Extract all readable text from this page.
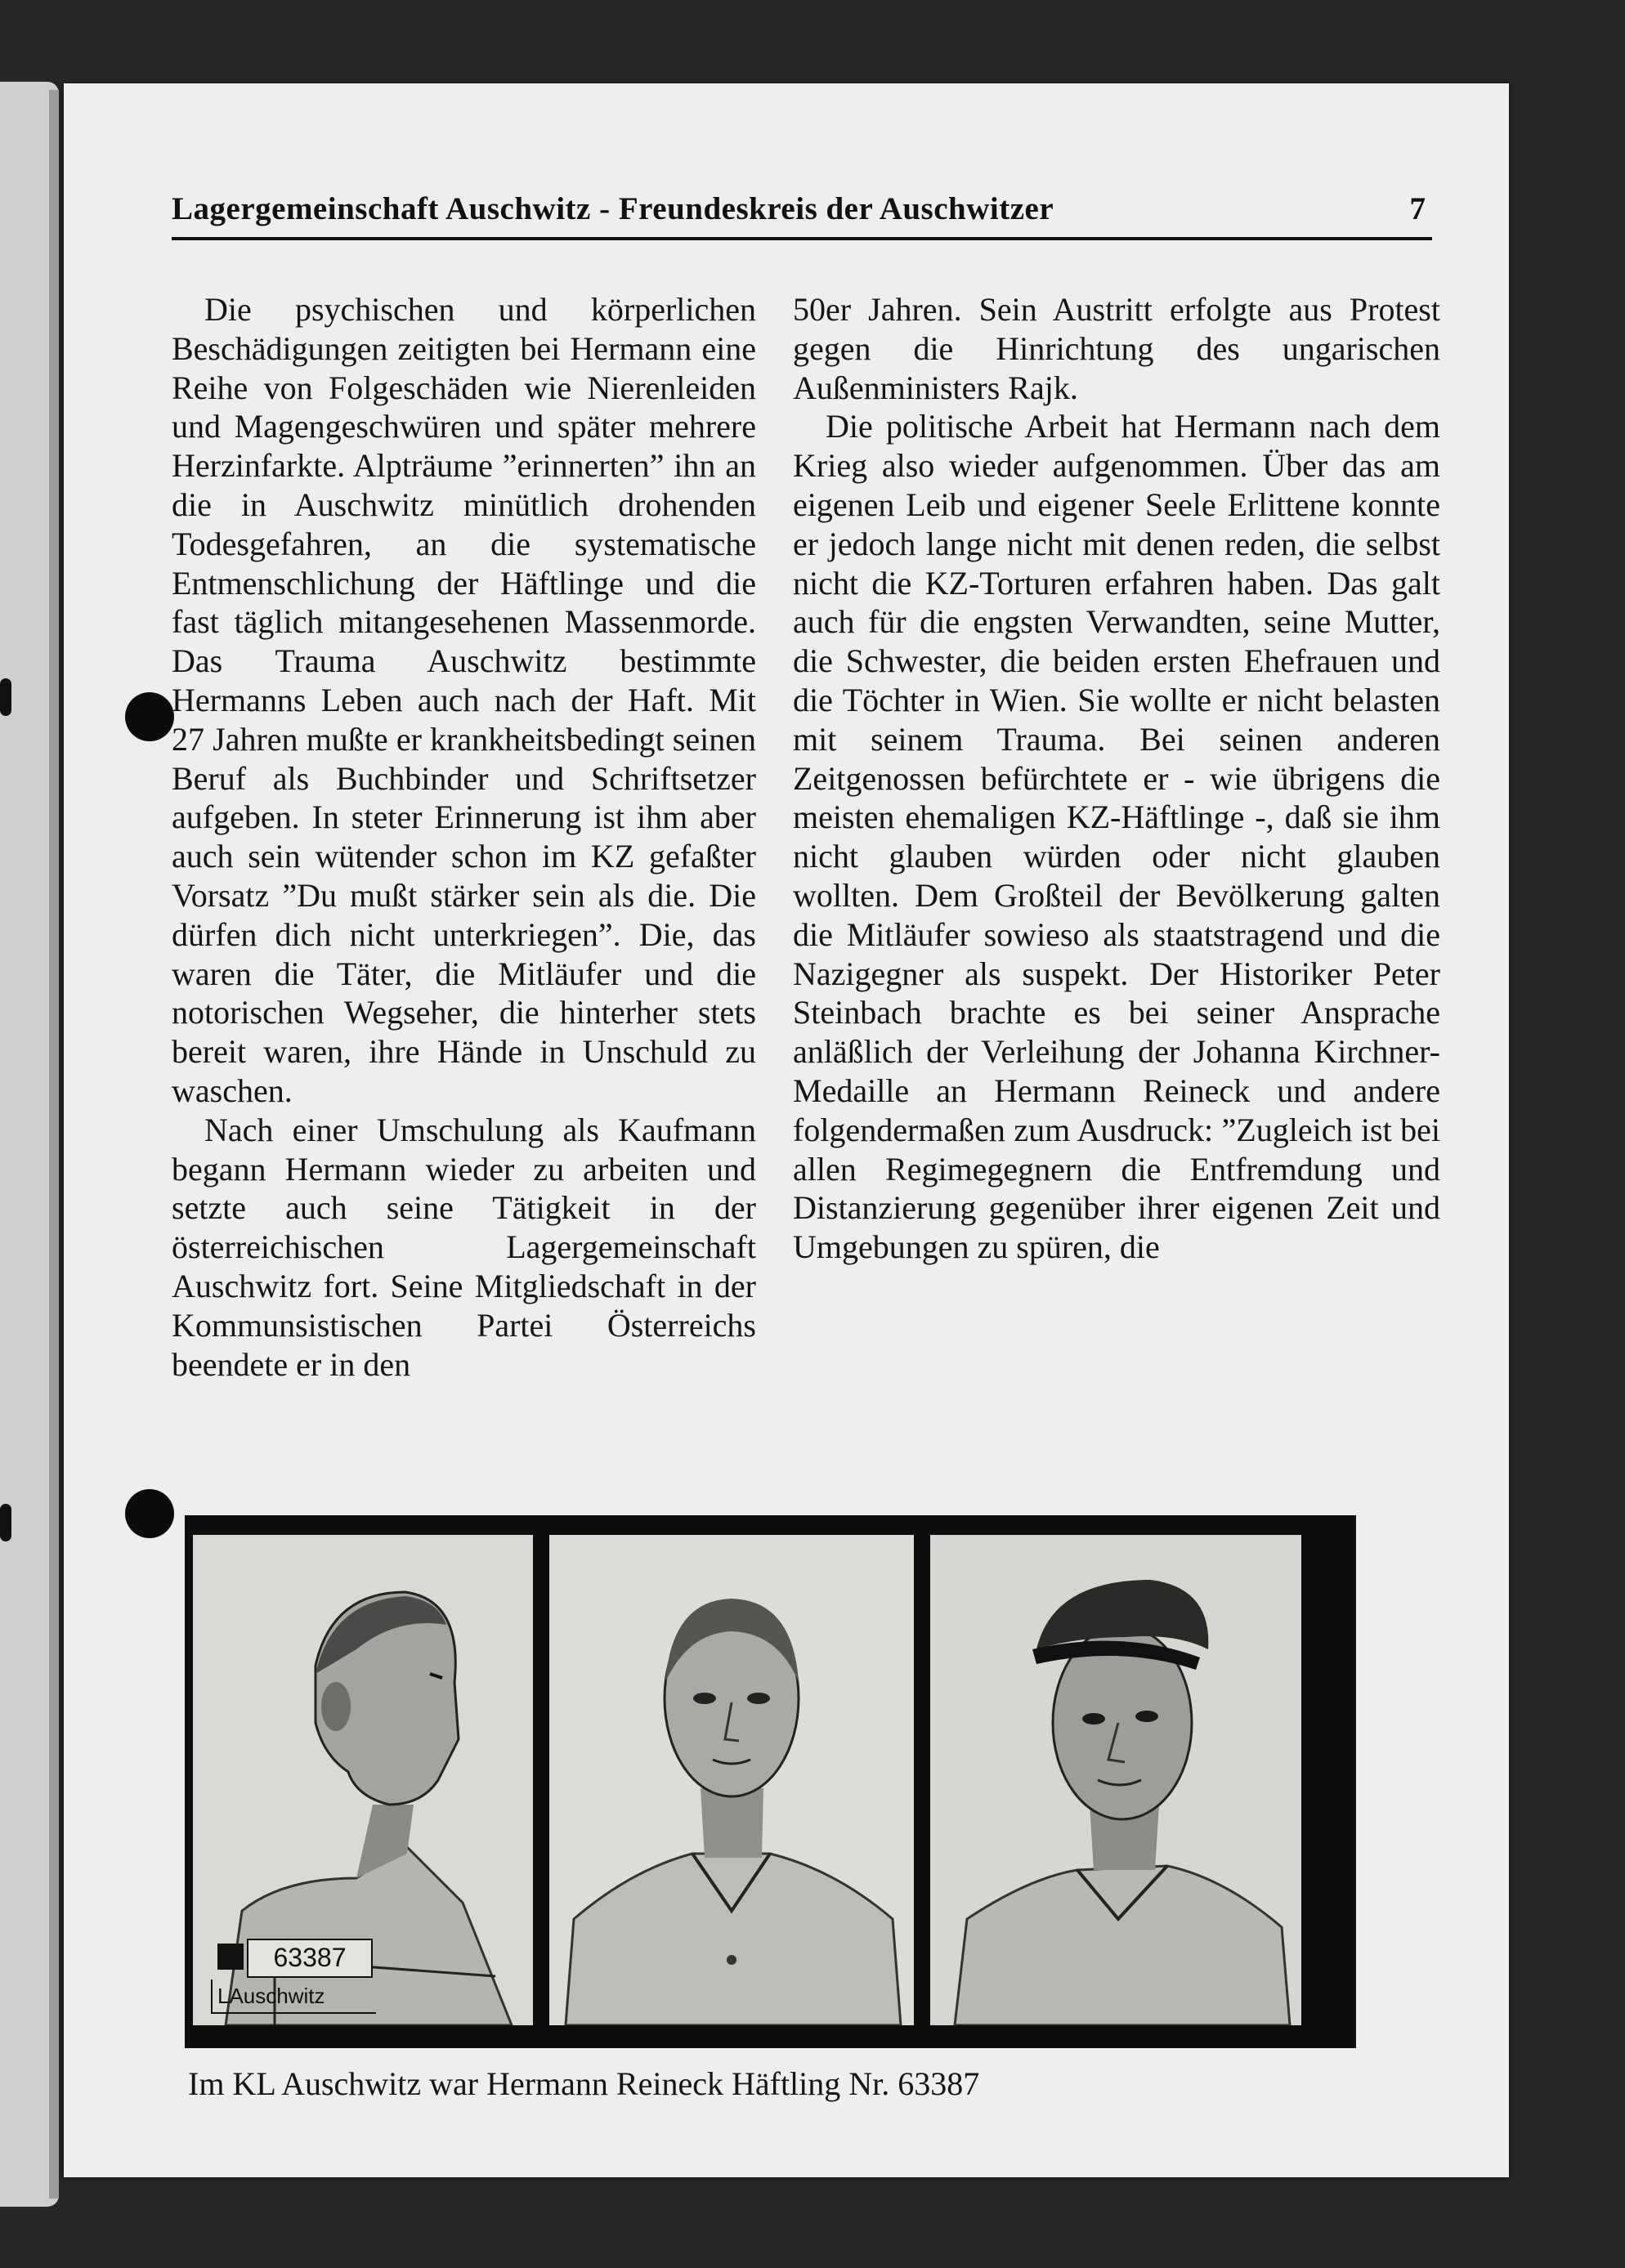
Lagergemeinschaft Auschwitz - Freundeskreis der Auschwitzer	7

Die psychischen und körperlichen Beschädigungen zeitigten bei Hermann eine Reihe von Folgeschäden wie Nierenleiden und Magengeschwüren und später mehrere Herzinfarkte. Alpträume ”erinnerten” ihn an die in Auschwitz minütlich drohenden Todesgefahren, an die systematische Entmenschlichung der Häftlinge und die fast täglich mitangesehenen Massenmorde. Das Trauma Auschwitz bestimmte Hermanns Leben auch nach der Haft. Mit 27 Jahren mußte er krankheitsbedingt seinen Beruf als Buchbinder und Schriftsetzer aufgeben. In steter Erinnerung ist ihm aber auch sein wütender schon im KZ gefaßter Vorsatz ”Du mußt stärker sein als die. Die dürfen dich nicht unterkriegen”. Die, das waren die Täter, die Mitläufer und die notorischen Wegseher, die hinterher stets bereit waren, ihre Hände in Unschuld zu waschen.

Nach einer Umschulung als Kaufmann begann Hermann wieder zu arbeiten und setzte auch seine Tätigkeit in der österreichischen Lagergemeinschaft Auschwitz fort. Seine Mitgliedschaft in der Kommunsistischen Partei Österreichs beendete er in den

50er Jahren. Sein Austritt erfolgte aus Protest gegen die Hinrichtung des ungarischen Außenministers Rajk.

Die politische Arbeit hat Hermann nach dem Krieg also wieder aufgenommen. Über das am eigenen Leib und eigener Seele Erlittene konnte er jedoch lange nicht mit denen reden, die selbst nicht die KZ-Torturen erfahren haben. Das galt auch für die engsten Verwandten, seine Mutter, die Schwester, die beiden ersten Ehefrauen und die Töchter in Wien. Sie wollte er nicht belasten mit seinem Trauma. Bei seinen anderen Zeitgenossen befürchtete er - wie übrigens die meisten ehemaligen KZ-Häftlinge -, daß sie ihm nicht glauben würden oder nicht glauben wollten. Dem Großteil der Bevölkerung galten die Mitläufer sowieso als staatstragend und die Nazigegner als suspekt. Der Historiker Peter Steinbach brachte es bei seiner Ansprache anläßlich der Verleihung der Johanna Kirchner-Medaille an Hermann Reineck und andere folgendermaßen zum Ausdruck: ”Zugleich ist bei allen Regimegegnern die Entfremdung und Distanzierung gegenüber ihrer eigenen Zeit und Umgebungen zu spüren, die

63387
LAuschwitz
Im KL Auschwitz war Hermann Reineck Häftling Nr. 63387
